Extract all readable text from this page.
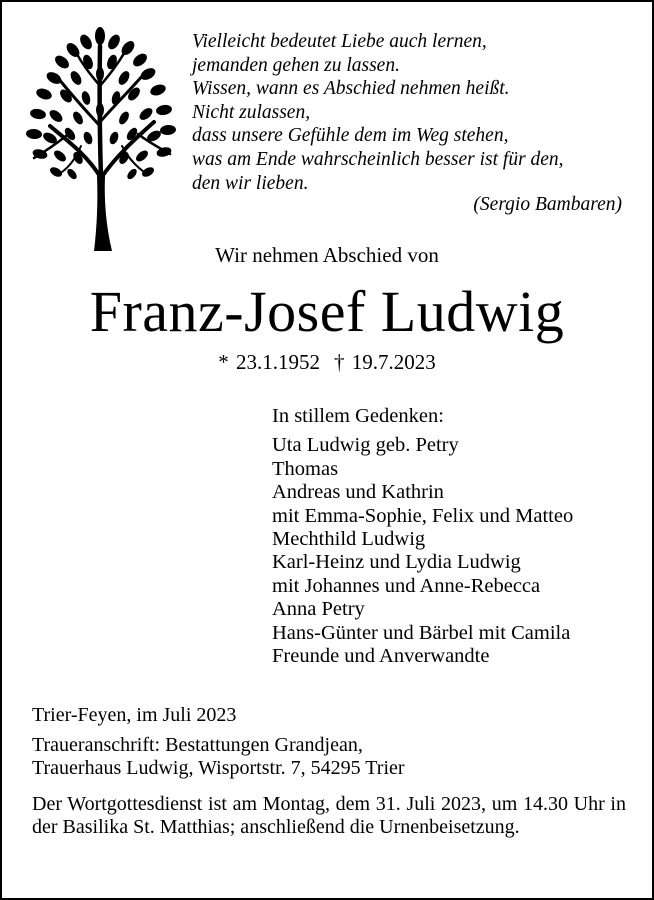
Vielleicht bedeutet Liebe auch lernen,
jemanden gehen zu lassen.
Wissen, wann es Abschied nehmen heißt.
Nicht zulassen,
dass unsere Gefühle dem im Weg stehen,
was am Ende wahrscheinlich besser ist für den,
den wir lieben.
(Sergio Bambaren)
Wir nehmen Abschied von
Franz-Josef Ludwig
* 23.1.1952 † 19.7.2023
In stillem Gedenken:
Uta Ludwig geb. Petry
Thomas
Andreas und Kathrin
mit Emma-Sophie, Felix und Matteo
Mechthild Ludwig
Karl-Heinz und Lydia Ludwig
mit Johannes und Anne-Rebecca
Anna Petry
Hans-Günter und Bärbel mit Camila
Freunde und Anverwandte
Trier-Feyen, im Juli 2023
Traueranschrift: Bestattungen Grandjean,
Trauerhaus Ludwig, Wisportstr. 7, 54295 Trier
Der Wortgottesdienst ist am Montag, dem 31. Juli 2023, um 14.30 Uhr in der Basilika St. Matthias; anschließend die Urnenbeisetzung.
